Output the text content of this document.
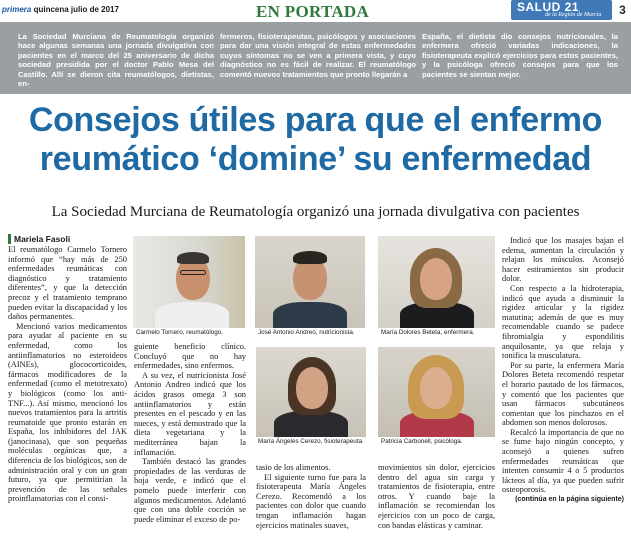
primera quincena julio de 2017	EN PORTADA	SALUD 21
de la Región de Murcia	3
La Sociedad Murciana de Reumatología organizó hace algunas semanas una jornada divulgativa con pacientes en el marco del 25 aniversario de dicha sociedad presidida por el doctor Pablo Mesa del Castillo. Allí se dieron cita reumatólogos, dietistas, en-
fermeros, fisioterapeutas, psicólogos y asociaciones para dar una visión integral de estas enfermedades cuyos síntomas no se ven a primera vista, y cuyo diagnóstico no es fácil de realizar. El reumatólogo comentó nuevos tratamientos que pronto llegarán a
España, el dietista dio consejos nutricionales, la enfermera ofreció variadas indicaciones, la fisioterapeuta explicó ejercicios para estos pacientes, y la psicóloga ofreció consejos para que los pacientes se sientan mejor.
Consejos útiles para que el enfermo
reumático ‘domine’ su enfermedad
La Sociedad Murciana de Reumatología organizó una jornada divulgativa con pacientes
Mariela Fasoli

El reumatólogo Carmelo Tornero informó que “hay más de 250 enfermedades reumáticas con diagnóstico y tratamiento diferentes”, y que la detección precoz y el tratamiento temprano pueden evitar la discapacidad y los daños permanentes.

Mencionó varios medicamentos para ayudar al paciente en su enfermedad, como los antiinflamatorios no esteroideos (AINEs), glococorticoides, fármacos modificadores de la enfermedad (como el metotrexato) y biológicos (como los anti-TNF...). Así mismo, mencionó los nuevos tratamientos para la artritis reumatoide que pronto estarán en España, los inhibidores del JAK (janocinasa), que son pequeñas moléculas orgánicas que, a diferencia de los biológicos, son de administración oral y con un gran futuro, ya que permitirían la prevención de las señales proinflamatorias con el consi-

Carmelo Tornero, reumatólogo.	José Antonio Andreo, nutricionista.	María Dolores Beteta, enfermera.

guiente beneficio clínico. Concluyó que no hay enfermedades, sino enfermos.

A su vez, el nutricionista José Antonio Andreo indicó que los ácidos grasos omega 3 son antiinflamatorios y están presentes en el pescado y en las nueces, y está demostrado que la dieta vegetariana y la mediterránea bajan la inflamación.

También destacó las grandes propiedades de las verduras de hoja verde, e indicó que el pomelo puede interferir con algunos medicamentos. Adelantó que con una doble cocción se puede eliminar el exceso de po-

María Ángeles Cerezo, fisioterapeuta.	Patricia Carbonell, psicóloga.

tasio de los alimentos.

El siguiente turno fue para la fisioterapeuta María Ángeles Cerezo. Recomendó a los pacientes con dolor que cuando tengan inflamación hagan ejercicios matinales suaves,

movimientos sin dolor, ejercicios dentro del agua sin carga y tratamientos de fisioterapia, entre otros. Y cuando baje la inflamación se recomiendan los ejercicios con un poco de carga, con bandas elásticas y caminar.

Indicó que los masajes bajan el edema, aumentan la circulación y relajan los músculos. Aconsejó hacer estiramientos sin producir dolor.

Con respecto a la hidroterapia, indicó que ayuda a disminuir la rigidez articular y la rigidez matutina; además de que es muy recomendable cuando se padece fibromialgia y espondilitis anquilosante, ya que relaja y tonifica la musculatura.

Por su parte, la enfermera María Dolores Beteta recomendó respetar el horario pautado de los fármacos, y comentó que los pacientes que usan fármacos subcutáneos comentan que los pinchazos en el abdomen son menos dolorosos.

Recalcó la importancia de que no se fume bajo ningún concepto, y aconsejó a quienes sufren enfermedades reumáticas que intenten consumir 4 o 5 productos lácteos al día, ya que pueden sufrir osteoporosis.

(continúa en la página siguiente)
